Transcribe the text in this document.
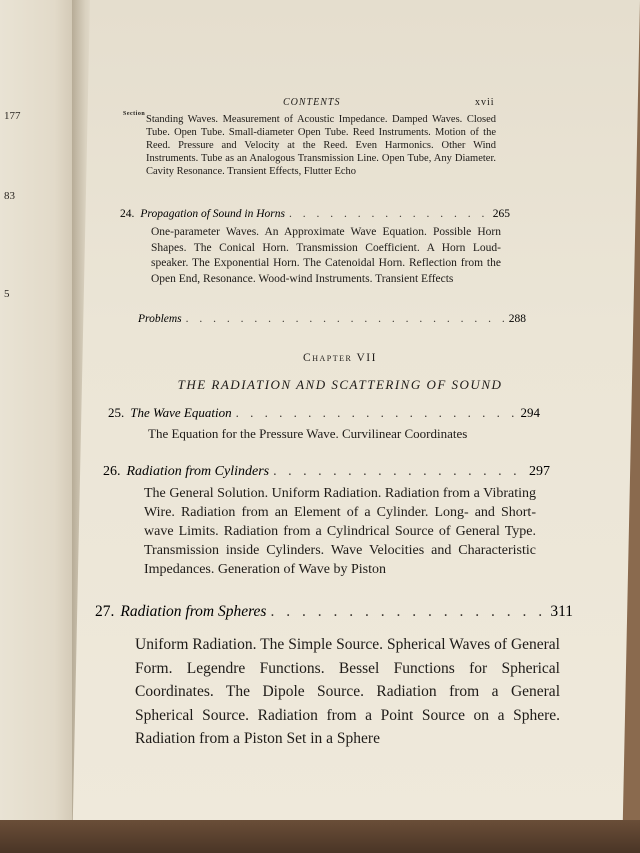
177
83
5
Section
CONTENTS	xvii
Standing Waves. Measurement of Acoustic Impedance. Damped Waves. Closed Tube. Open Tube. Small-diameter Open Tube. Reed Instruments. Motion of the Reed. Pressure and Velocity at the Reed. Even Harmonics. Other Wind Instruments. Tube as an Analogous Transmission Line. Open Tube, Any Diameter. Cavity Resonance. Transient Effects, Flutter Echo
24. Propagation of Sound in Horns . . .	265
One-parameter Waves. An Approximate Wave Equation. Possible Horn Shapes. The Conical Horn. Transmission Coefficient. A Horn Loud-speaker. The Exponential Horn. The Catenoidal Horn. Reflection from the Open End, Resonance. Wood-wind Instruments. Transient Effects
Problems . . .	288
Chapter VII
THE RADIATION AND SCATTERING OF SOUND
25. The Wave Equation . . .	294
The Equation for the Pressure Wave. Curvilinear Coordinates
26. Radiation from Cylinders . . .	297
The General Solution. Uniform Radiation. Radiation from a Vibrating Wire. Radiation from an Element of a Cylinder. Long- and Short-wave Limits. Radiation from a Cylindrical Source of General Type. Transmission inside Cylinders. Wave Velocities and Characteristic Impedances. Generation of Wave by Piston
27. Radiation from Spheres . . .	311
Uniform Radiation. The Simple Source. Spherical Waves of General Form. Legendre Functions. Bessel Functions for Spherical Coordinates. The Dipole Source. Radiation from a General Spherical Source. Radiation from a Point Source on a Sphere. Radiation from a Piston Set in a Sphere
